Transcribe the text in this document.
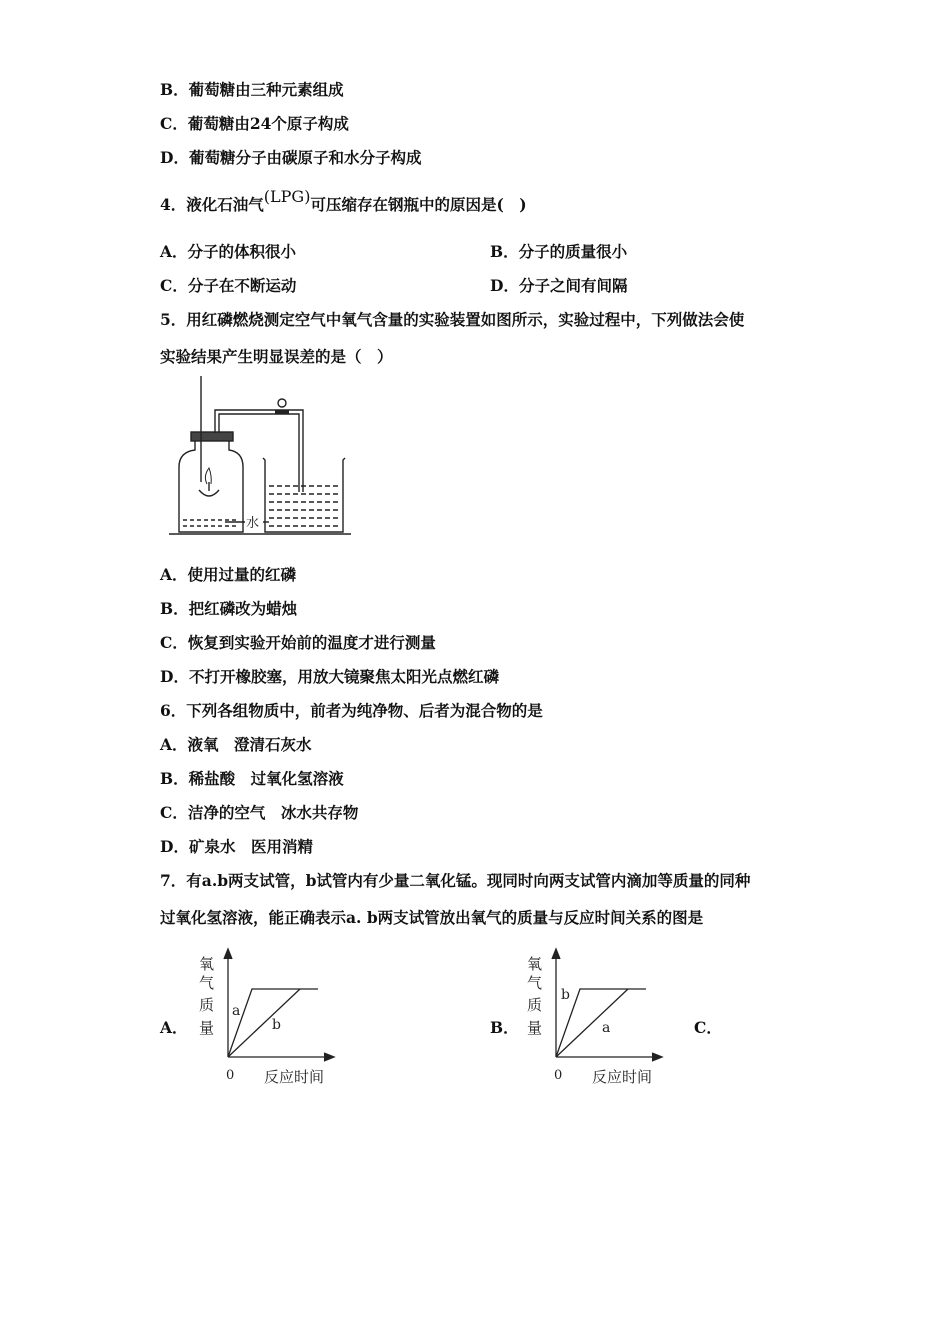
B．葡萄糖由三种元素组成
C．葡萄糖由24个原子构成
D．葡萄糖分子由碳原子和水分子构成
4．液化石油气(LPG)可压缩存在钢瓶中的原因是(　)
A．分子的体积很小	B．分子的质量很小
C．分子在不断运动	D．分子之间有间隔
5．用红磷燃烧测定空气中氧气含量的实验装置如图所示，实验过程中，下列做法会使
实验结果产生明显误差的是（　）
水
A．使用过量的红磷
B．把红磷改为蜡烛
C．恢复到实验开始前的温度才进行测量
D．不打开橡胶塞，用放大镜聚焦太阳光点燃红磷
6．下列各组物质中，前者为纯净物、后者为混合物的是
A．液氧　澄清石灰水
B．稀盐酸　过氧化氢溶液
C．洁净的空气　冰水共存物
D．矿泉水　医用消精
7．有a.b两支试管，b试管内有少量二氧化锰。现同时向两支试管内滴加等质量的同种
过氧化氢溶液，能正确表示a. b两支试管放出氧气的质量与反应时间关系的图是
A．	B．	C．
氧
气
质
量
a
b
0 反应时间
氧
气
质
量
b
a
0 反应时间
